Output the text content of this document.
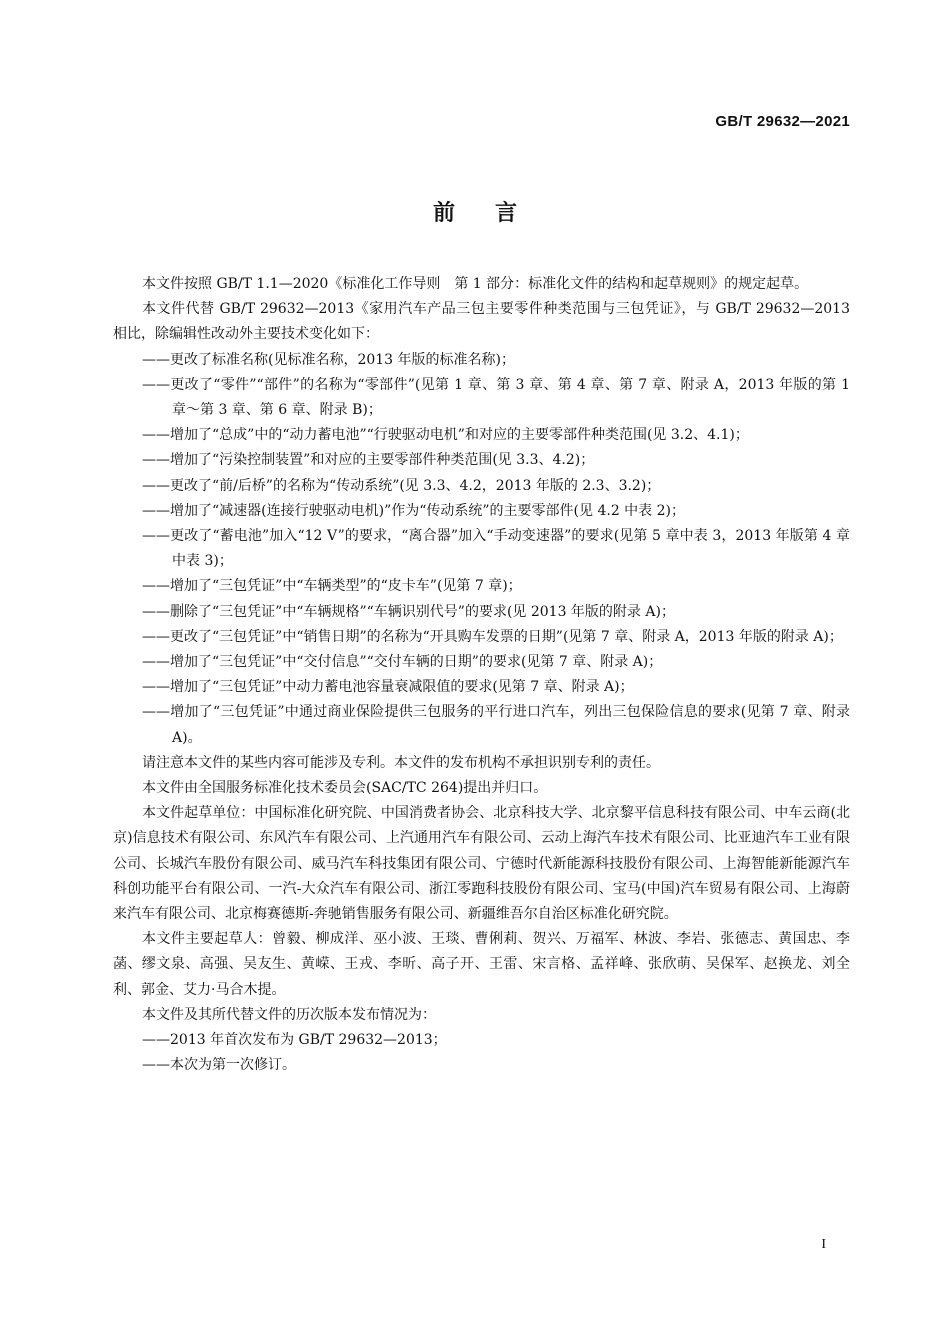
GB/T 29632—2021
前言

本文件按照 GB/T 1.1—2020《标准化工作导则　第 1 部分：标准化文件的结构和起草规则》的规定起草。

本文件代替 GB/T 29632—2013《家用汽车产品三包主要零件种类范围与三包凭证》，与 GB/T 29632—2013 相比，除编辑性改动外主要技术变化如下：

——更改了标准名称(见标准名称，2013 年版的标准名称)；

——更改了“零件”“部件”的名称为“零部件”(见第 1 章、第 3 章、第 4 章、第 7 章、附录 A，2013 年版的第 1 章～第 3 章、第 6 章、附录 B)；

——增加了“总成”中的“动力蓄电池”“行驶驱动电机”和对应的主要零部件种类范围(见 3.2、4.1)；

——增加了“污染控制装置”和对应的主要零部件种类范围(见 3.3、4.2)；

——更改了“前/后桥”的名称为“传动系统”(见 3.3、4.2，2013 年版的 2.3、3.2)；

——增加了“减速器(连接行驶驱动电机)”作为“传动系统”的主要零部件(见 4.2 中表 2)；

——更改了“蓄电池”加入“12 V”的要求，“离合器”加入“手动变速器”的要求(见第 5 章中表 3，2013 年版第 4 章中表 3)；

——增加了“三包凭证”中“车辆类型”的“皮卡车”(见第 7 章)；

——删除了“三包凭证”中“车辆规格”“车辆识别代号”的要求(见 2013 年版的附录 A)；

——更改了“三包凭证”中“销售日期”的名称为“开具购车发票的日期”(见第 7 章、附录 A，2013 年版的附录 A)；

——增加了“三包凭证”中“交付信息”“交付车辆的日期”的要求(见第 7 章、附录 A)；

——增加了“三包凭证”中动力蓄电池容量衰减限值的要求(见第 7 章、附录 A)；

——增加了“三包凭证”中通过商业保险提供三包服务的平行进口汽车，列出三包保险信息的要求(见第 7 章、附录 A)。

请注意本文件的某些内容可能涉及专利。本文件的发布机构不承担识别专利的责任。

本文件由全国服务标准化技术委员会(SAC/TC 264)提出并归口。

本文件起草单位：中国标准化研究院、中国消费者协会、北京科技大学、北京黎平信息科技有限公司、中车云商(北京)信息技术有限公司、东风汽车有限公司、上汽通用汽车有限公司、云动上海汽车技术有限公司、比亚迪汽车工业有限公司、长城汽车股份有限公司、威马汽车科技集团有限公司、宁德时代新能源科技股份有限公司、上海智能新能源汽车科创功能平台有限公司、一汽-大众汽车有限公司、浙江零跑科技股份有限公司、宝马(中国)汽车贸易有限公司、上海蔚来汽车有限公司、北京梅赛德斯-奔驰销售服务有限公司、新疆维吾尔自治区标准化研究院。

本文件主要起草人：曾毅、柳成洋、巫小波、王琰、曹俐莉、贺兴、万福军、林波、李岩、张德志、黄国忠、李菡、缪文泉、高强、吴友生、黄嵘、王戎、李昕、高子开、王雷、宋言格、孟祥峰、张欣萌、吴保军、赵换龙、刘全利、郭金、艾力·马合木提。

本文件及其所代替文件的历次版本发布情况为：

——2013 年首次发布为 GB/T 29632—2013；

——本次为第一次修订。

I
